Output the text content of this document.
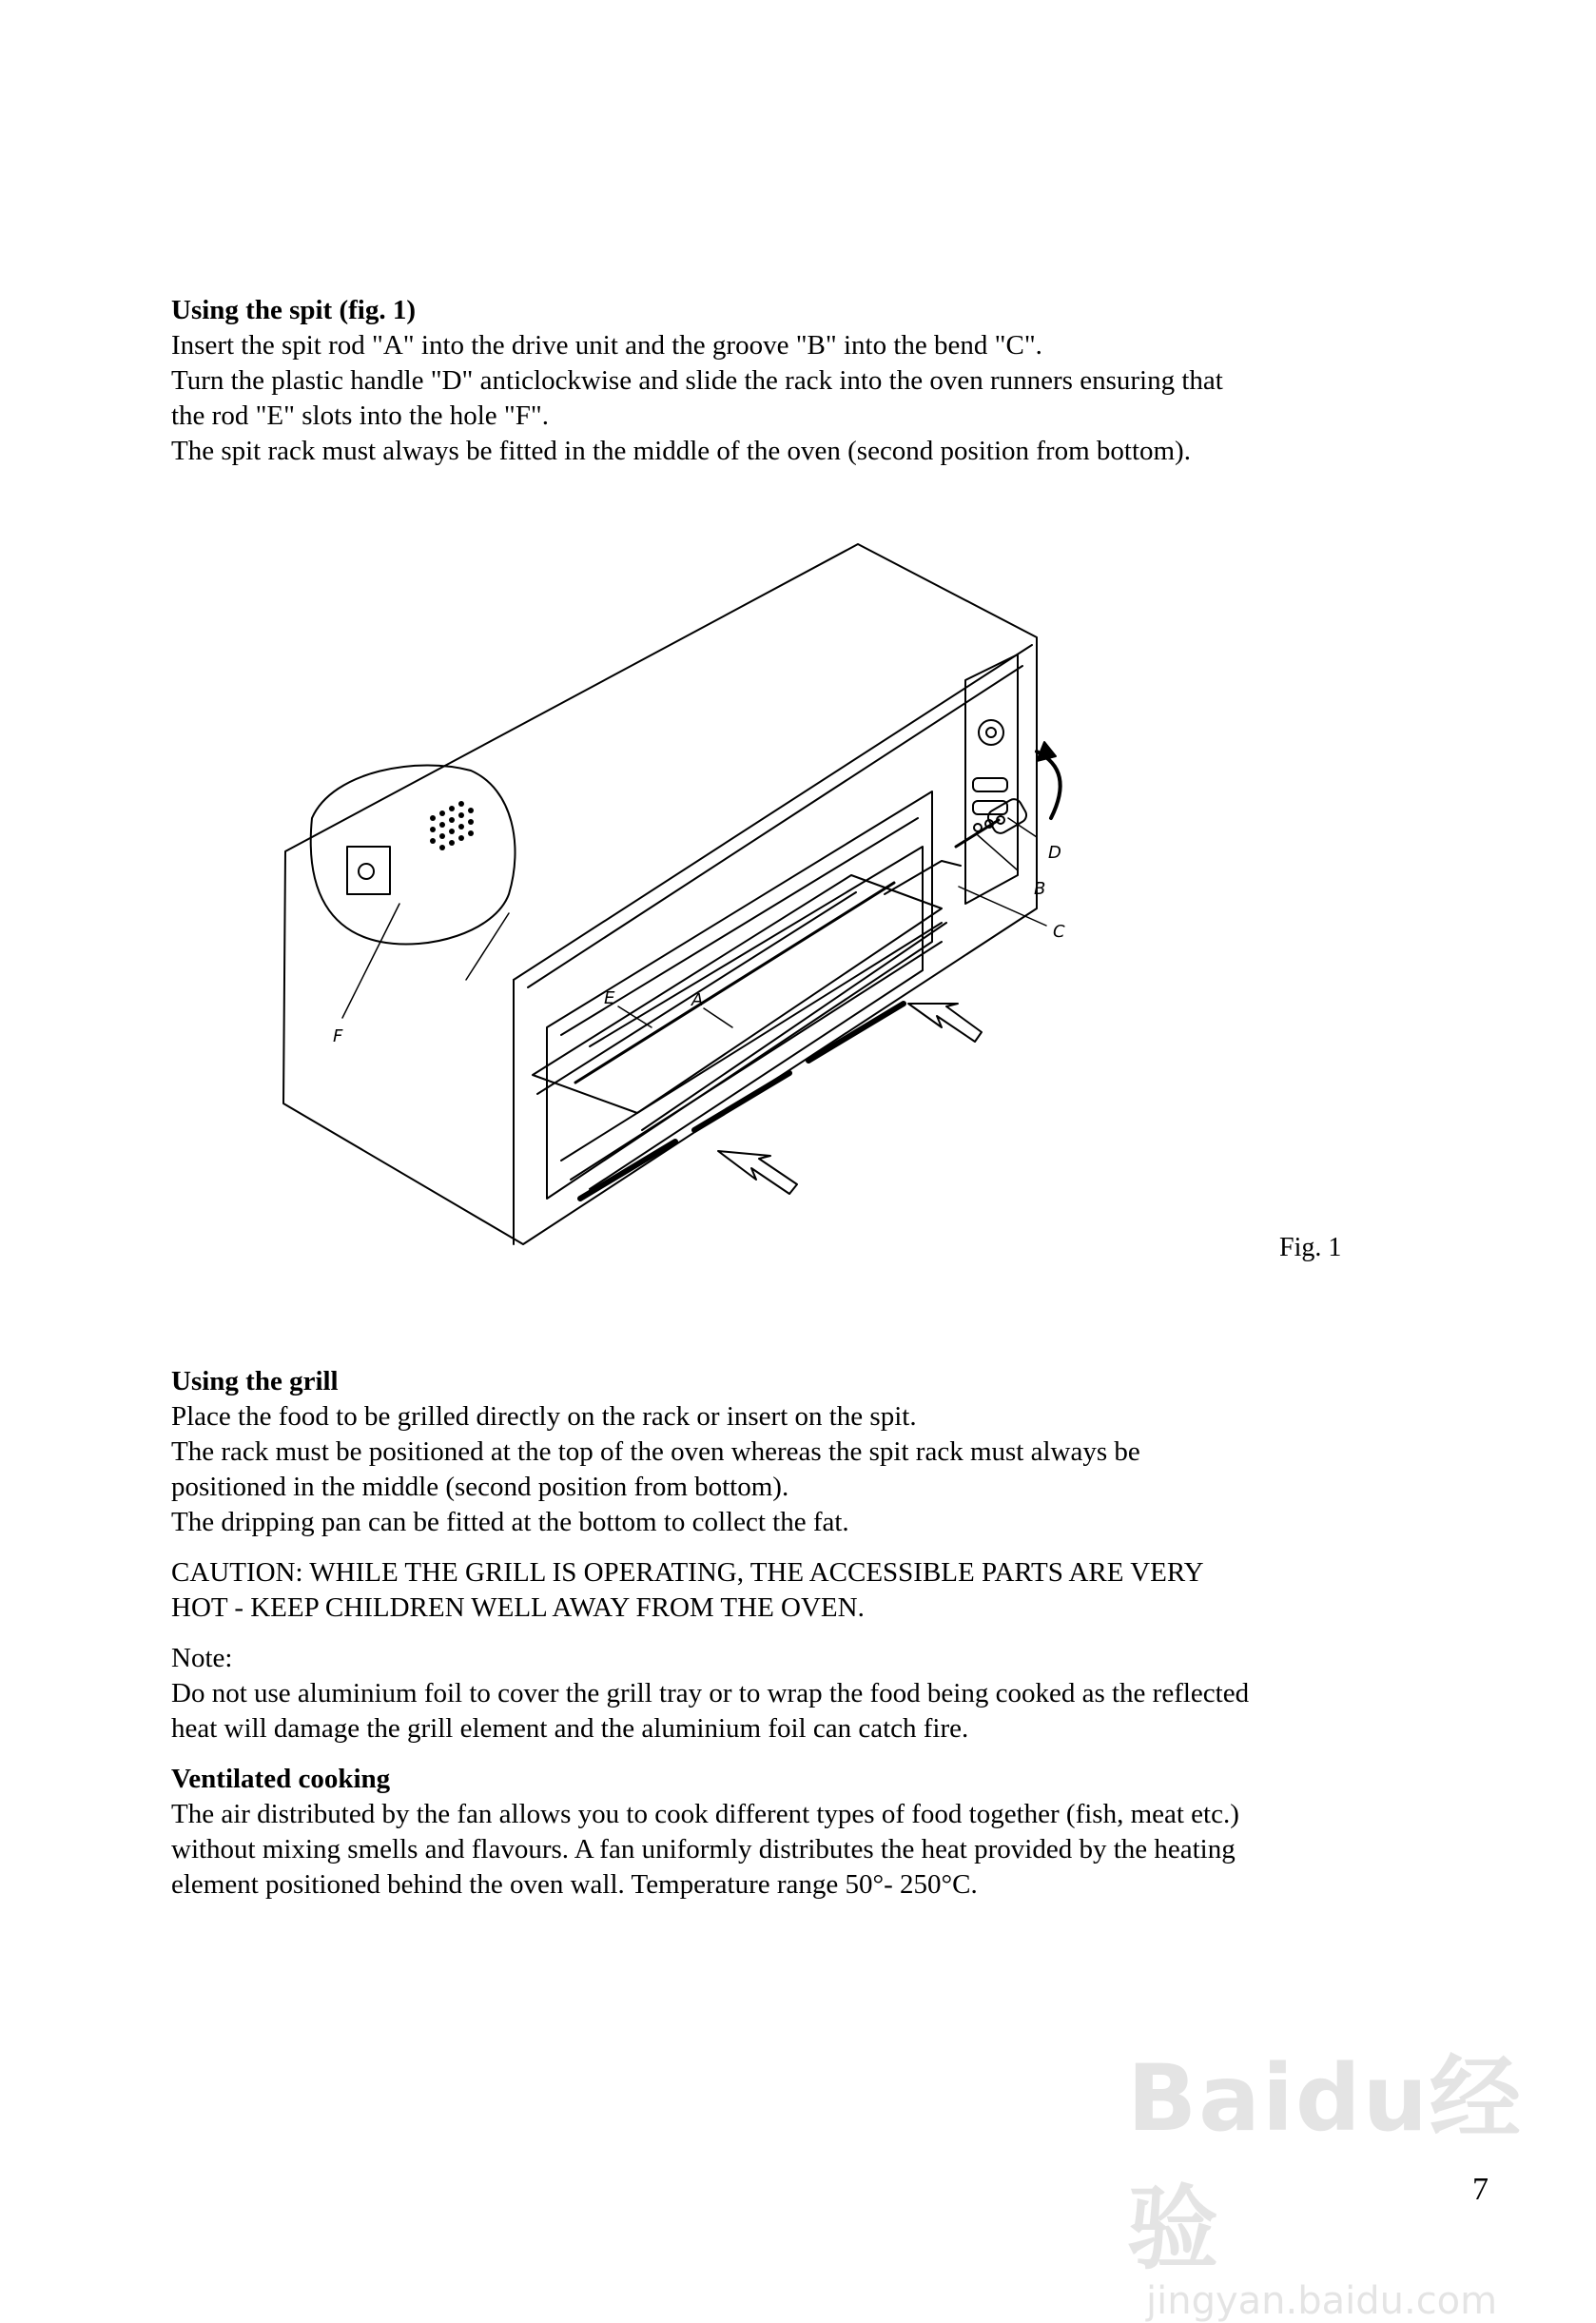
Using the spit (fig. 1)

Insert the spit rod "A" into the drive unit and the groove "B" into the bend "C".

Turn the plastic handle "D" anticlockwise and slide the rack into the oven runners ensuring that

the rod "E" slots into the hole "F".

The spit rack must always be fitted in the middle of the oven (second position from bottom).

F
E	A
D
B
C

Fig. 1

Using the grill

Place the food to be grilled directly on the rack or insert on the spit.

The rack must be positioned at the top of the oven whereas the spit rack must always be

positioned in the middle (second position from bottom).

The dripping pan can be fitted at the bottom to collect the fat.

CAUTION: WHILE THE GRILL IS OPERATING, THE ACCESSIBLE PARTS ARE VERY

HOT - KEEP CHILDREN WELL AWAY FROM THE OVEN.

Note:

Do not use aluminium foil to cover the grill tray or to wrap the food being cooked as the reflected

heat will damage the grill element and the aluminium foil can catch fire.

Ventilated cooking

The air distributed by the fan allows you to cook different types of food together (fish, meat etc.)

without mixing smells and flavours. A fan uniformly distributes the heat provided by the heating

element positioned behind the oven wall. Temperature range 50°- 250°C.

Baidu经验
jingyan.baidu.com

7
